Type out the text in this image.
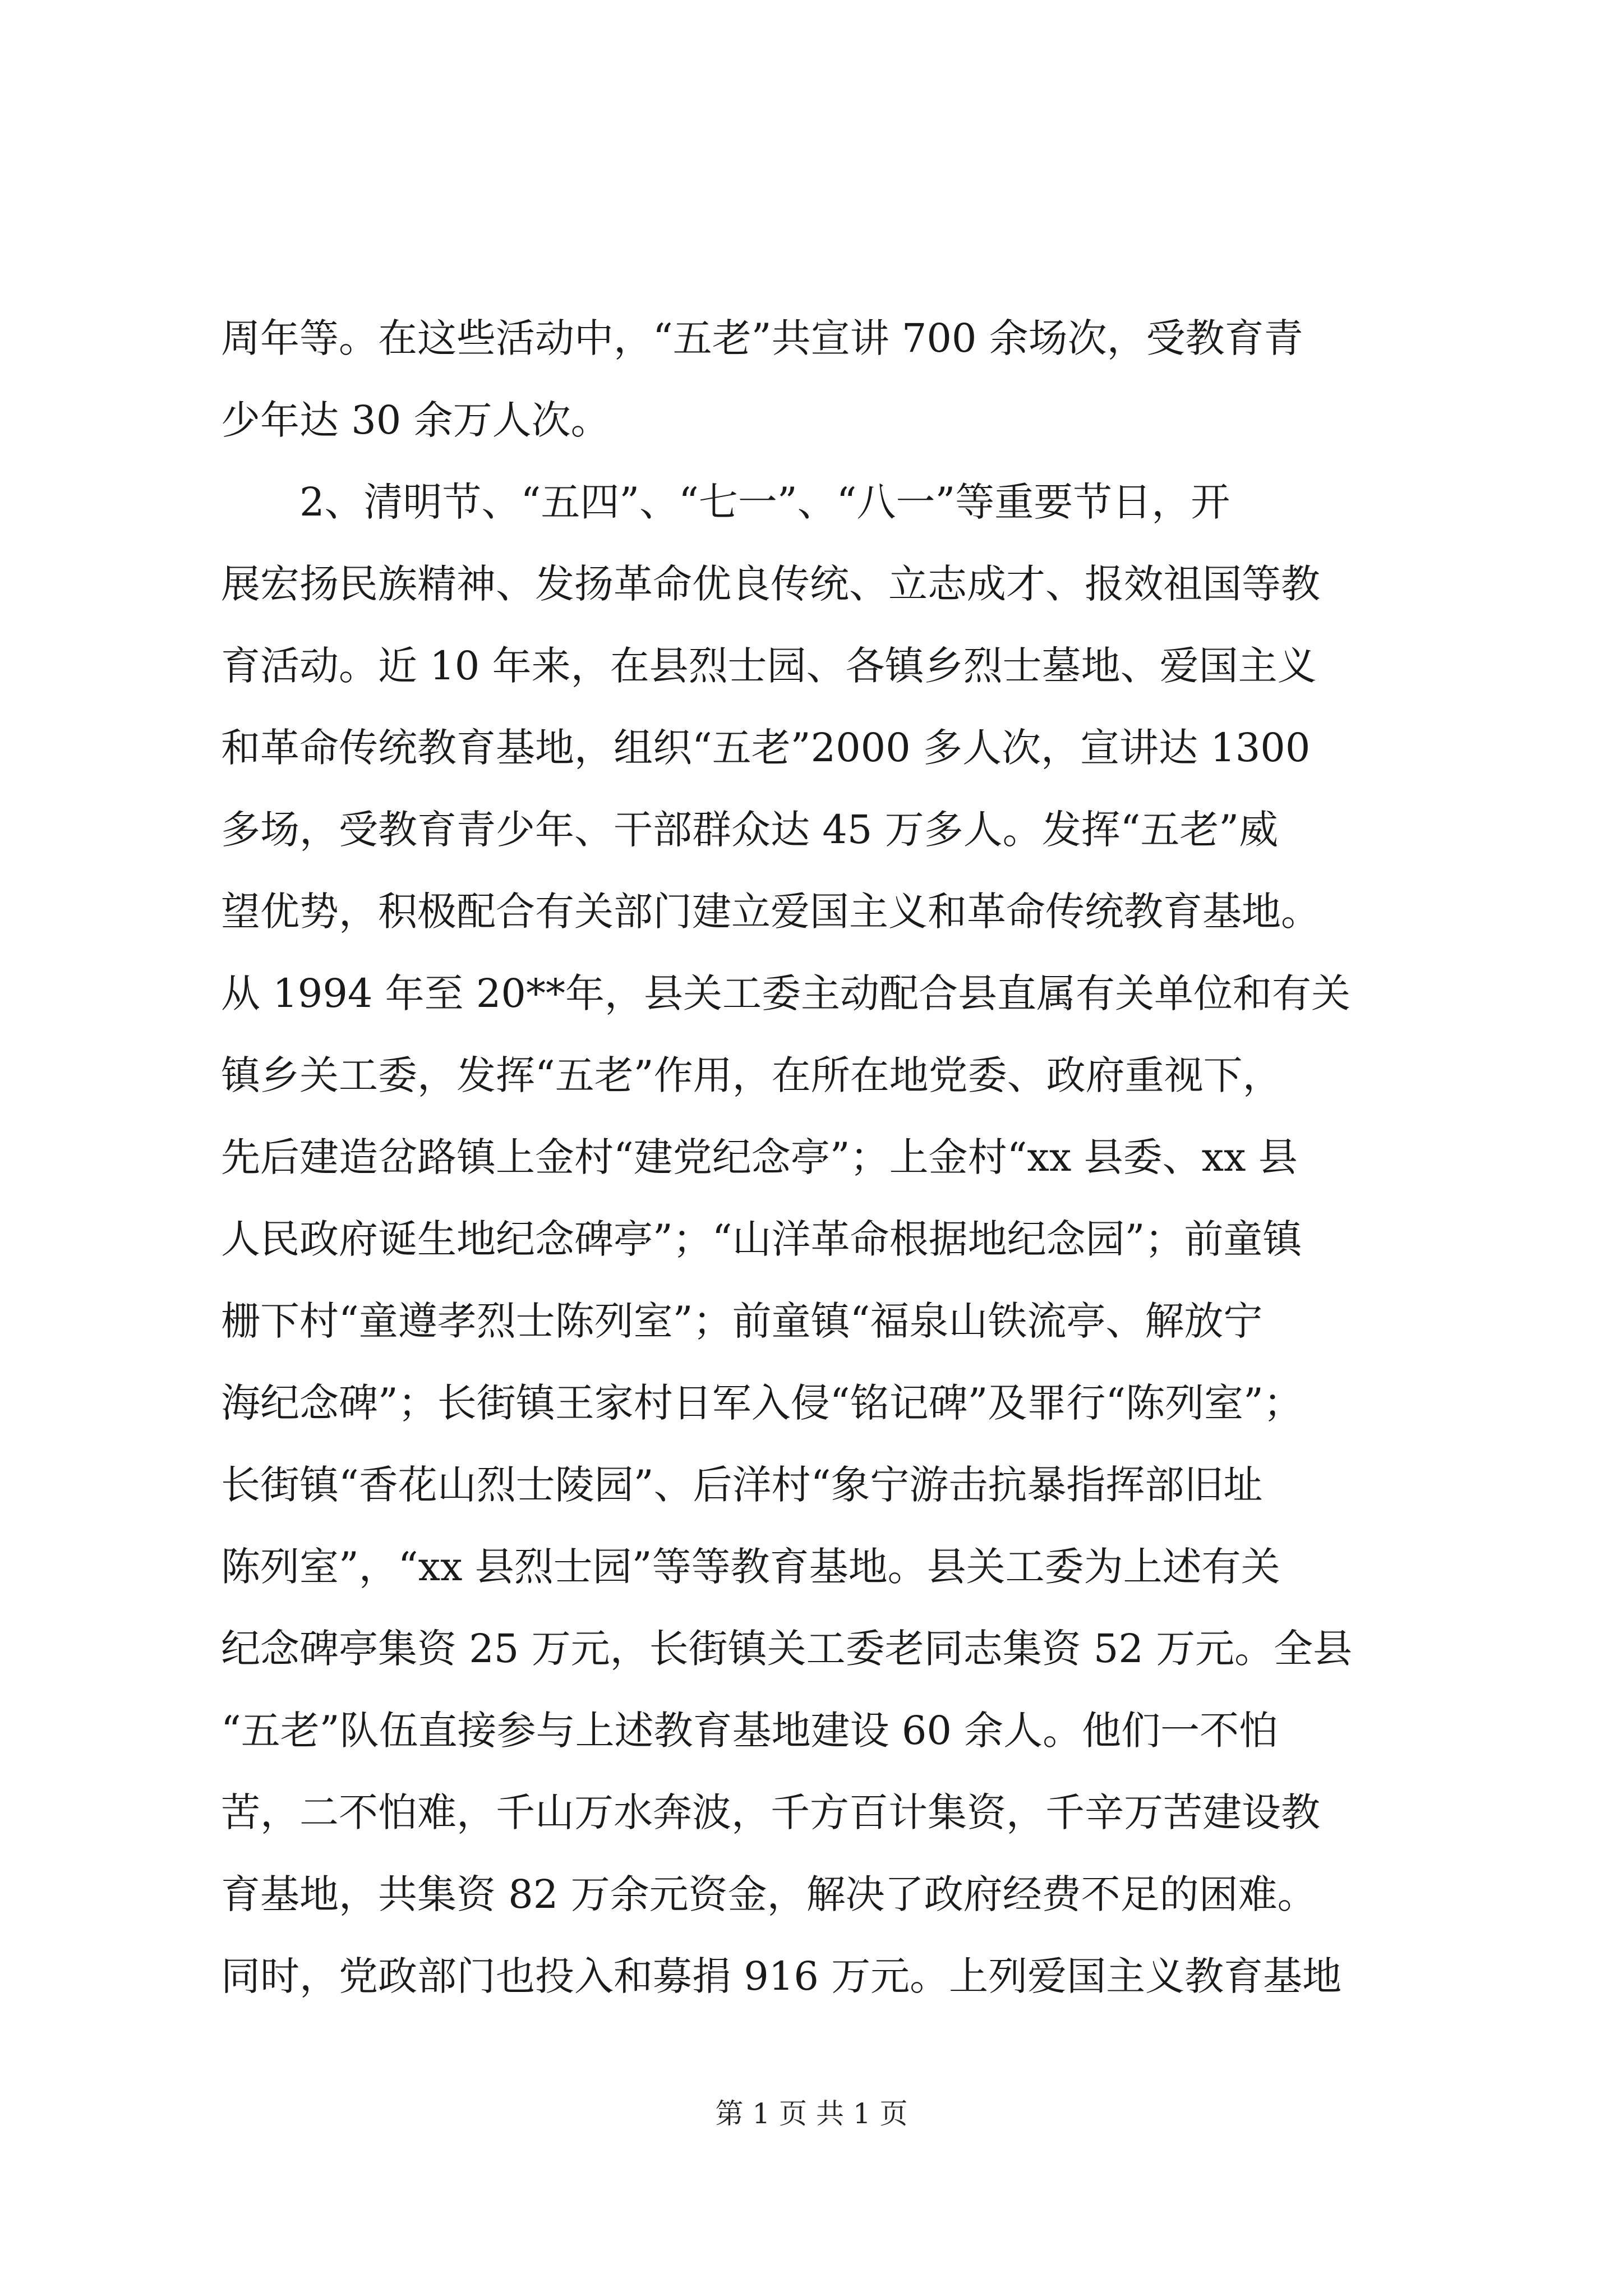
周年等。在这些活动中，“五老”共宣讲 700 余场次，受教育青
少年达 30 余万人次。
2、清明节、“五四”、“七一”、“八一”等重要节日，开
展宏扬民族精神、发扬革命优良传统、立志成才、报效祖国等教
育活动。近 10 年来，在县烈士园、各镇乡烈士墓地、爱国主义
和革命传统教育基地，组织“五老”2000 多人次，宣讲达 1300
多场，受教育青少年、干部群众达 45 万多人。发挥“五老”威
望优势，积极配合有关部门建立爱国主义和革命传统教育基地。
从 1994 年至 20**年，县关工委主动配合县直属有关单位和有关
镇乡关工委，发挥“五老”作用，在所在地党委、政府重视下，
先后建造岔路镇上金村“建党纪念亭”；上金村“xx 县委、xx 县
人民政府诞生地纪念碑亭”；“山洋革命根据地纪念园”；前童镇
栅下村“童遵孝烈士陈列室”；前童镇“福泉山铁流亭、解放宁
海纪念碑”；长街镇王家村日军入侵“铭记碑”及罪行“陈列室”；
长街镇“香花山烈士陵园”、后洋村“象宁游击抗暴指挥部旧址
陈列室”，“xx 县烈士园”等等教育基地。县关工委为上述有关
纪念碑亭集资 25 万元，长街镇关工委老同志集资 52 万元。全县
“五老”队伍直接参与上述教育基地建设 60 余人。他们一不怕
苦，二不怕难，千山万水奔波，千方百计集资，千辛万苦建设教
育基地，共集资 82 万余元资金，解决了政府经费不足的困难。
同时，党政部门也投入和募捐 916 万元。上列爱国主义教育基地
第 1 页 共 1 页
